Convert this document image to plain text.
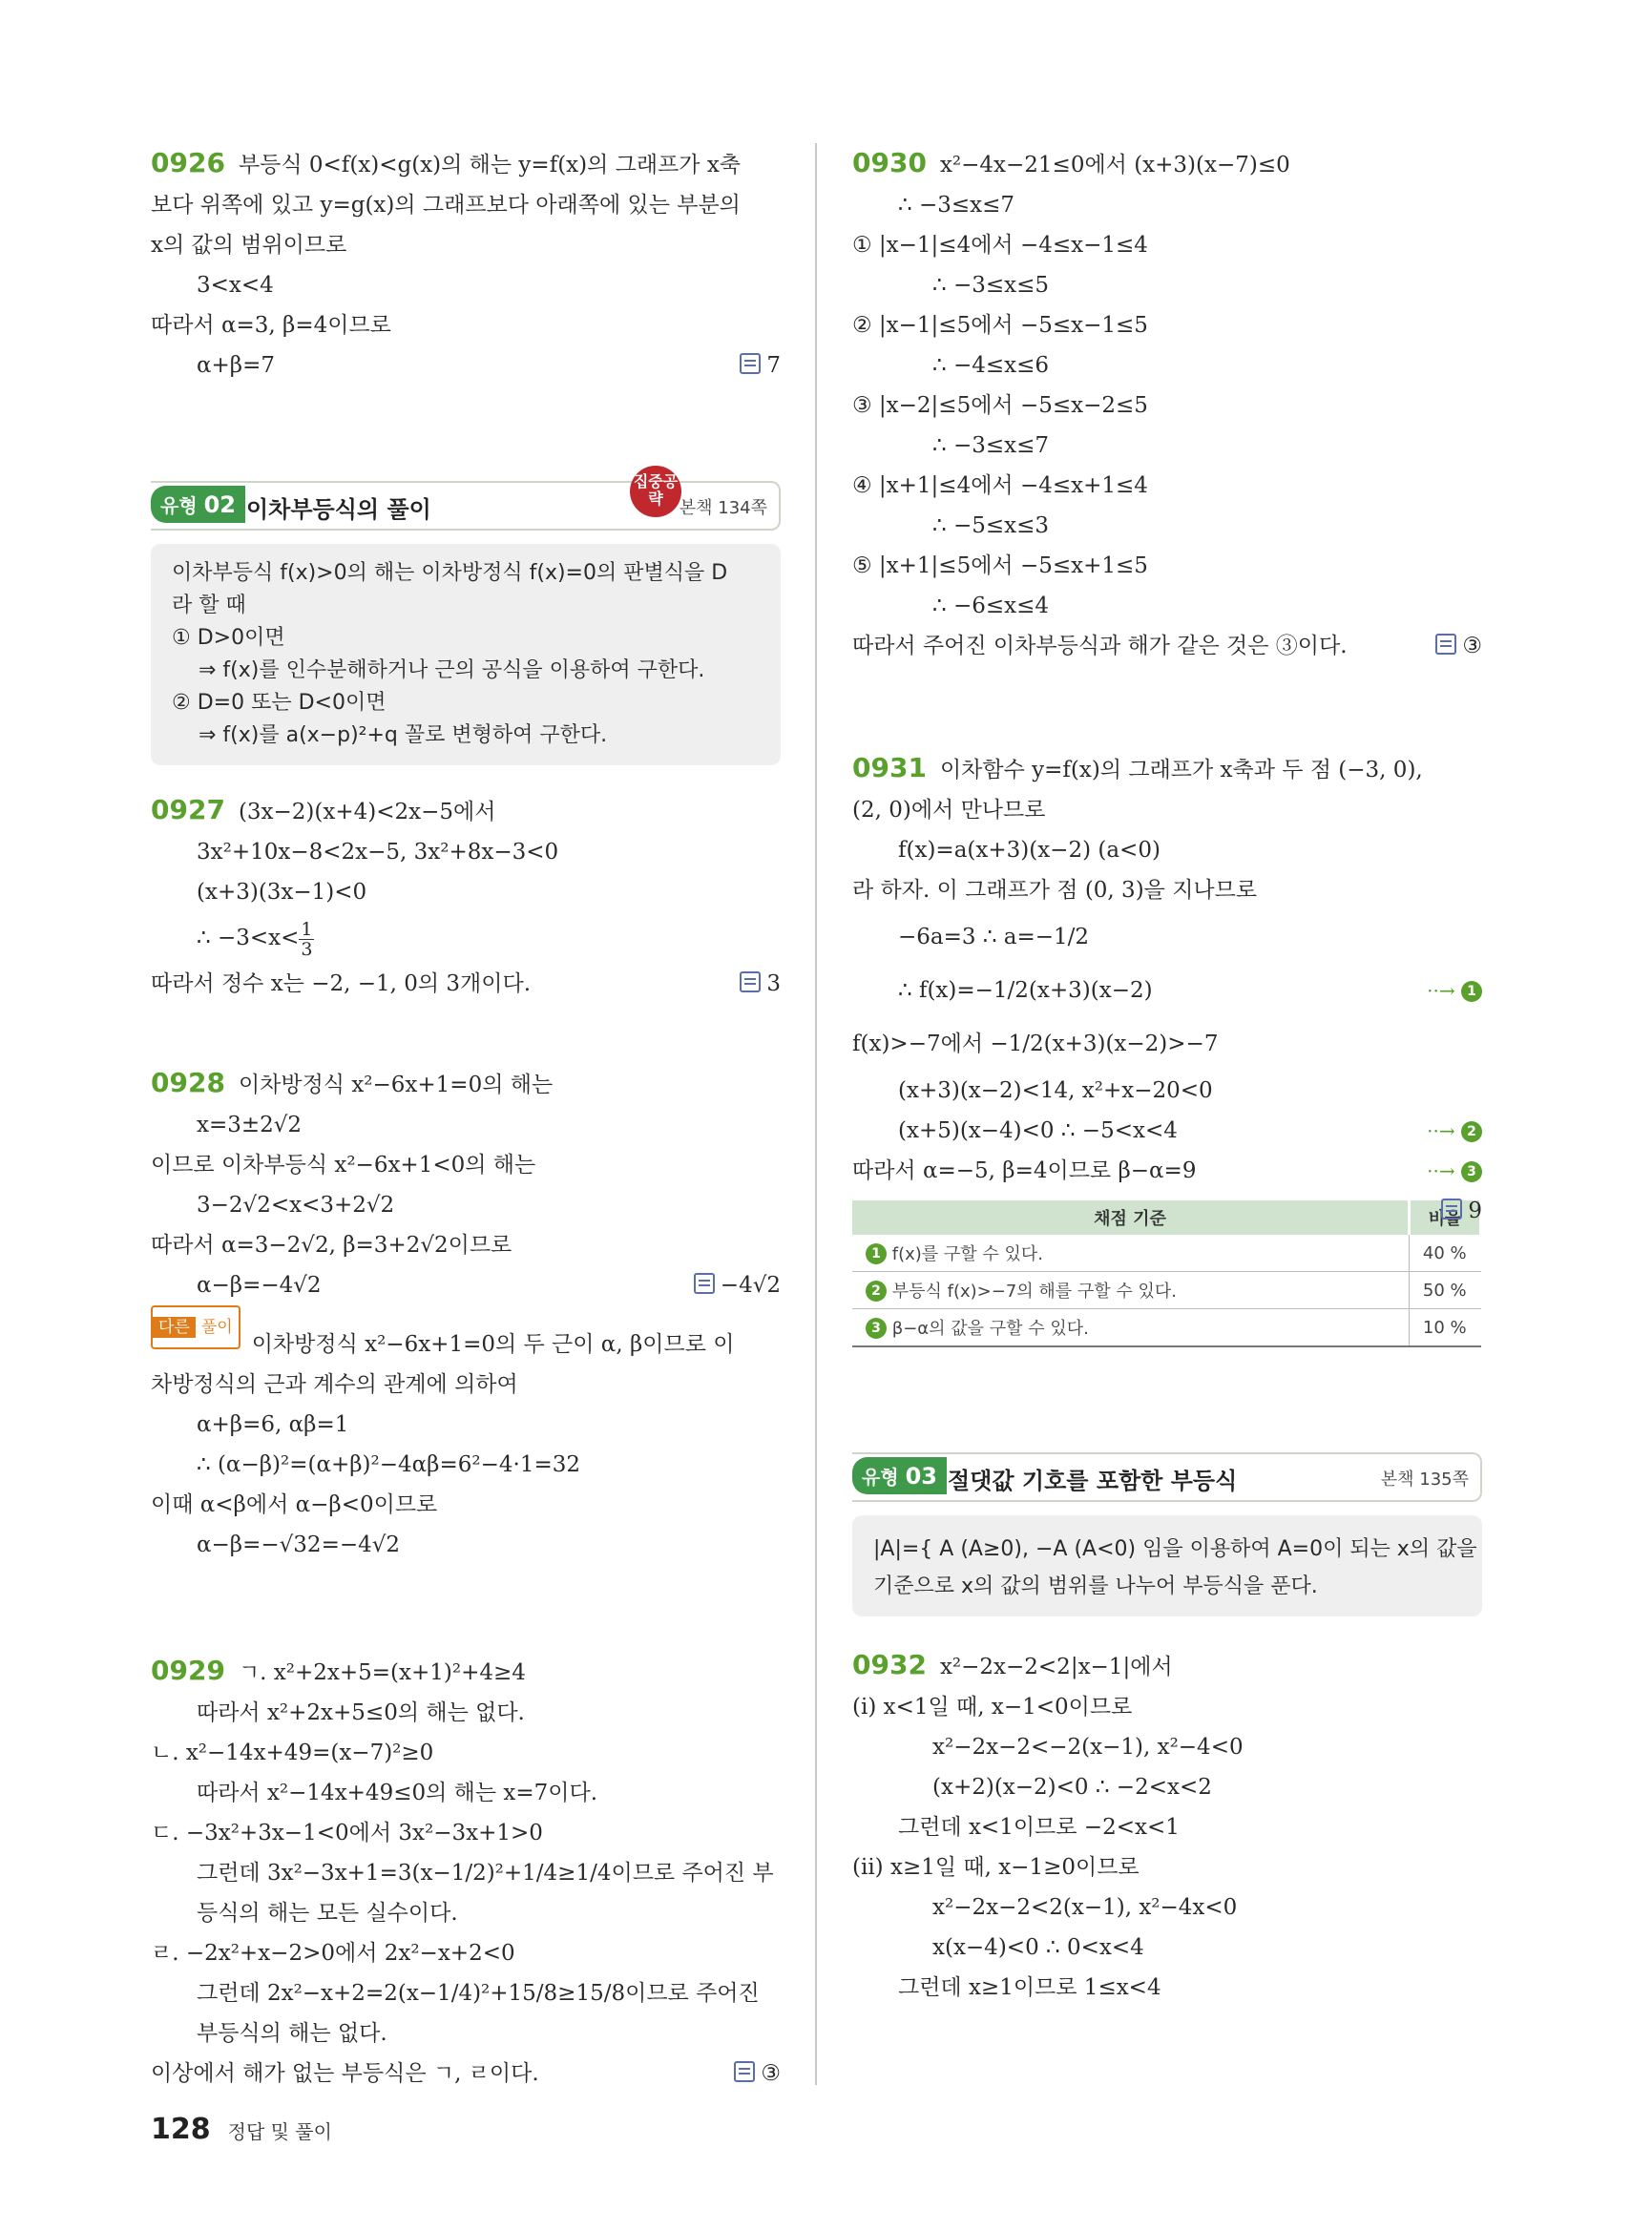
0926 부등식 0<f(x)<g(x)의 해는 y=f(x)의 그래프가 x축
보다 위쪽에 있고 y=g(x)의 그래프보다 아래쪽에 있는 부분의
x의 값의 범위이므로
3<x<4
따라서 α=3, β=4이므로
α+β=7	7
유형 02 이차부등식의 풀이
집중공략 본책 134쪽
이차부등식 f(x)>0의 해는 이차방정식 f(x)=0의 판별식을 D
라 할 때
① D>0이면
⇒ f(x)를 인수분해하거나 근의 공식을 이용하여 구한다.
② D=0 또는 D<0이면
⇒ f(x)를 a(x−p)²+q 꼴로 변형하여 구한다.
0927 (3x−2)(x+4)<2x−5에서
3x²+10x−8<2x−5, 3x²+8x−3<0
(x+3)(3x−1)<0
∴ $-3<x< \frac{1}{3}$
따라서 정수 x는 −2, −1, 0의 3개이다.	3
0928 이차방정식 x²−6x+1=0의 해는
x=3±2√2
이므로 이차부등식 x²−6x+1<0의 해는
3−2√2<x<3+2√2
따라서 α=3−2√2, β=3+2√2이므로
α−β=−4√2	−4√2
다른 풀이이차방정식 x²−6x+1=0의 두 근이 α, β이므로 이
차방정식의 근과 계수의 관계에 의하여
α+β=6, αβ=1
∴ (α−β)²=(α+β)²−4αβ=6²−4·1=32
이때 α<β에서 α−β<0이므로
α−β=−√32=−4√2
0929 ㄱ. x²+2x+5=(x+1)²+4≥4
따라서 x²+2x+5≤0의 해는 없다.
ㄴ. x²−14x+49=(x−7)²≥0
따라서 x²−14x+49≤0의 해는 x=7이다.
ㄷ. −3x²+3x−1<0에서 3x²−3x+1>0
그런데 3x²−3x+1=3(x−1/2)²+1/4≥1/4이므로 주어진 부
등식의 해는 모든 실수이다.
ㄹ. −2x²+x−2>0에서 2x²−x+2<0
그런데 2x²−x+2=2(x−1/4)²+15/8≥15/8이므로 주어진
부등식의 해는 없다.
이상에서 해가 없는 부등식은 ㄱ, ㄹ이다.	③
0930 x²−4x−21≤0에서 (x+3)(x−7)≤0
∴ −3≤x≤7
① |x−1|≤4에서 −4≤x−1≤4
∴ −3≤x≤5
② |x−1|≤5에서 −5≤x−1≤5
∴ −4≤x≤6
③ |x−2|≤5에서 −5≤x−2≤5
∴ −3≤x≤7
④ |x+1|≤4에서 −4≤x+1≤4
∴ −5≤x≤3
⑤ |x+1|≤5에서 −5≤x+1≤5
∴ −6≤x≤4
따라서 주어진 이차부등식과 해가 같은 것은 ③이다.	③
0931 이차함수 y=f(x)의 그래프가 x축과 두 점 (−3, 0),
(2, 0)에서 만나므로
f(x)=a(x+3)(x−2) (a<0)
라 하자. 이 그래프가 점 (0, 3)을 지나므로
−6a=3 ∴ a=−1/2
∴ f(x)=−1/2(x+3)(x−2)	··→ 1
f(x)>−7에서 −1/2(x+3)(x−2)>−7
(x+3)(x−2)<14, x²+x−20<0
(x+5)(x−4)<0 ∴ −5<x<4	··→ 2
따라서 α=−5, β=4이므로 β−α=9	··→ 3
9
채점 기준	비율
1 f(x)를 구할 수 있다.	40 %
2 부등식 f(x)>−7의 해를 구할 수 있다.	50 %
3 β−α의 값을 구할 수 있다.	10 %
유형 03 절댓값 기호를 포함한 부등식	본책 135쪽
|A|={ A (A≥0), −A (A<0) 임을 이용하여 A=0이 되는 x의 값을
기준으로 x의 값의 범위를 나누어 부등식을 푼다.
0932 x²−2x−2<2|x−1|에서
(i) x<1일 때, x−1<0이므로
x²−2x−2<−2(x−1), x²−4<0
(x+2)(x−2)<0 ∴ −2<x<2
그런데 x<1이므로 −2<x<1
(ii) x≥1일 때, x−1≥0이므로
x²−2x−2<2(x−1), x²−4x<0
x(x−4)<0 ∴ 0<x<4
그런데 x≥1이므로 1≤x<4
128 정답 및 풀이
